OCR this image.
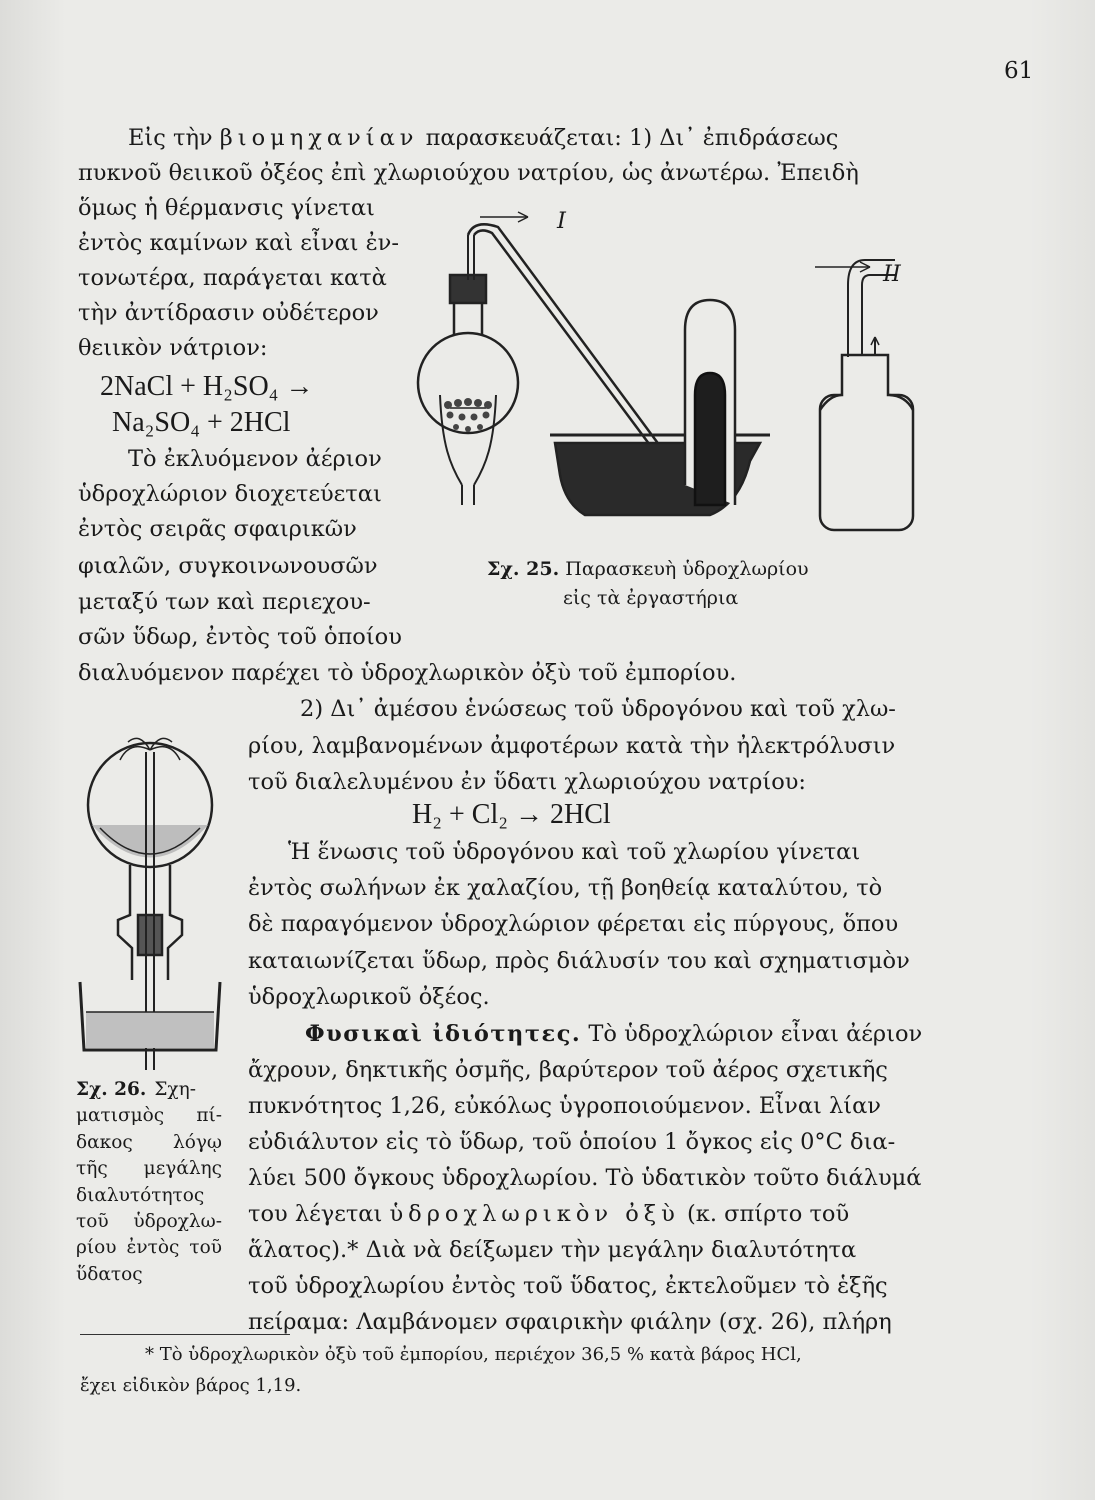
61
Εἰς τὴν βιομηχανίαν παρασκευάζεται: 1) Δι᾽ ἐπιδράσεως
πυκνοῦ θειικοῦ ὀξέος ἐπὶ χλωριούχου νατρίου, ὡς ἀνωτέρω. Ἐπειδὴ
ὅμως ἡ θέρμανσις γίνεται
ἐντὸς καμίνων καὶ εἶναι ἐν-
τονωτέρα, παράγεται κατὰ
τὴν ἀντίδρασιν οὐδέτερον
θειικὸν νάτριον:
2NaCl + H₂SO₄ →
Na₂SO₄ + 2HCl
Τὸ ἐκλυόμενον ἀέριον
ὑδροχλώριον διοχετεύεται
ἐντὸς σειρᾶς σφαιρικῶν
φιαλῶν, συγκοινωνουσῶν
μεταξύ των καὶ περιεχου-
σῶν ὕδωρ, ἐντὸς τοῦ ὁποίου
διαλυόμενον παρέχει τὸ ὑδροχλωρικὸν ὀξὺ τοῦ ἐμπορίου.
I
II
Σχ. 25. Παρασκευὴ ὑδροχλωρίου
εἰς τὰ ἐργαστήρια
Σχ. 26. Σχη-
ματισμὸς πί-
δακος λόγῳ
τῆς μεγάλης
διαλυτότητος
τοῦ ὑδροχλω-
ρίου ἐντὸς τοῦ
ὕδατος
2) Δι᾽ ἀμέσου ἑνώσεως τοῦ ὑδρογόνου καὶ τοῦ χλω-
ρίου, λαμβανομένων ἀμφοτέρων κατὰ τὴν ἠλεκτρόλυσιν
τοῦ διαλελυμένου ἐν ὕδατι χλωριούχου νατρίου:
H₂ + Cl₂ → 2HCl
Ἡ ἕνωσις τοῦ ὑδρογόνου καὶ τοῦ χλωρίου γίνεται
ἐντὸς σωλήνων ἐκ χαλαζίου, τῇ βοηθείᾳ καταλύτου, τὸ
δὲ παραγόμενον ὑδροχλώριον φέρεται εἰς πύργους, ὅπου
καταιωνίζεται ὕδωρ, πρὸς διάλυσίν του καὶ σχηματισμὸν
ὑδροχλωρικοῦ ὀξέος.
Φυσικαὶ ἰδιότητες. Τὸ ὑδροχλώριον εἶναι ἀέριον
ἄχρουν, δηκτικῆς ὀσμῆς, βαρύτερον τοῦ ἀέρος σχετικῆς
πυκνότητος 1,26, εὐκόλως ὑγροποιούμενον. Εἶναι λίαν
εὐδιάλυτον εἰς τὸ ὕδωρ, τοῦ ὁποίου 1 ὄγκος εἰς 0°C δια-
λύει 500 ὄγκους ὑδροχλωρίου. Τὸ ὑδατικὸν τοῦτο διάλυμά
του λέγεται ὑδροχλωρικὸν ὀξὺ (κ. σπίρτο τοῦ
ἅλατος).* Διὰ νὰ δείξωμεν τὴν μεγάλην διαλυτότητα
τοῦ ὑδροχλωρίου ἐντὸς τοῦ ὕδατος, ἐκτελοῦμεν τὸ ἑξῆς
πείραμα: Λαμβάνομεν σφαιρικὴν φιάλην (σχ. 26), πλήρη
* Τὸ ὑδροχλωρικὸν ὀξὺ τοῦ ἐμπορίου, περιέχον 36,5 % κατὰ βάρος HCl,
ἔχει εἰδικὸν βάρος 1,19.
